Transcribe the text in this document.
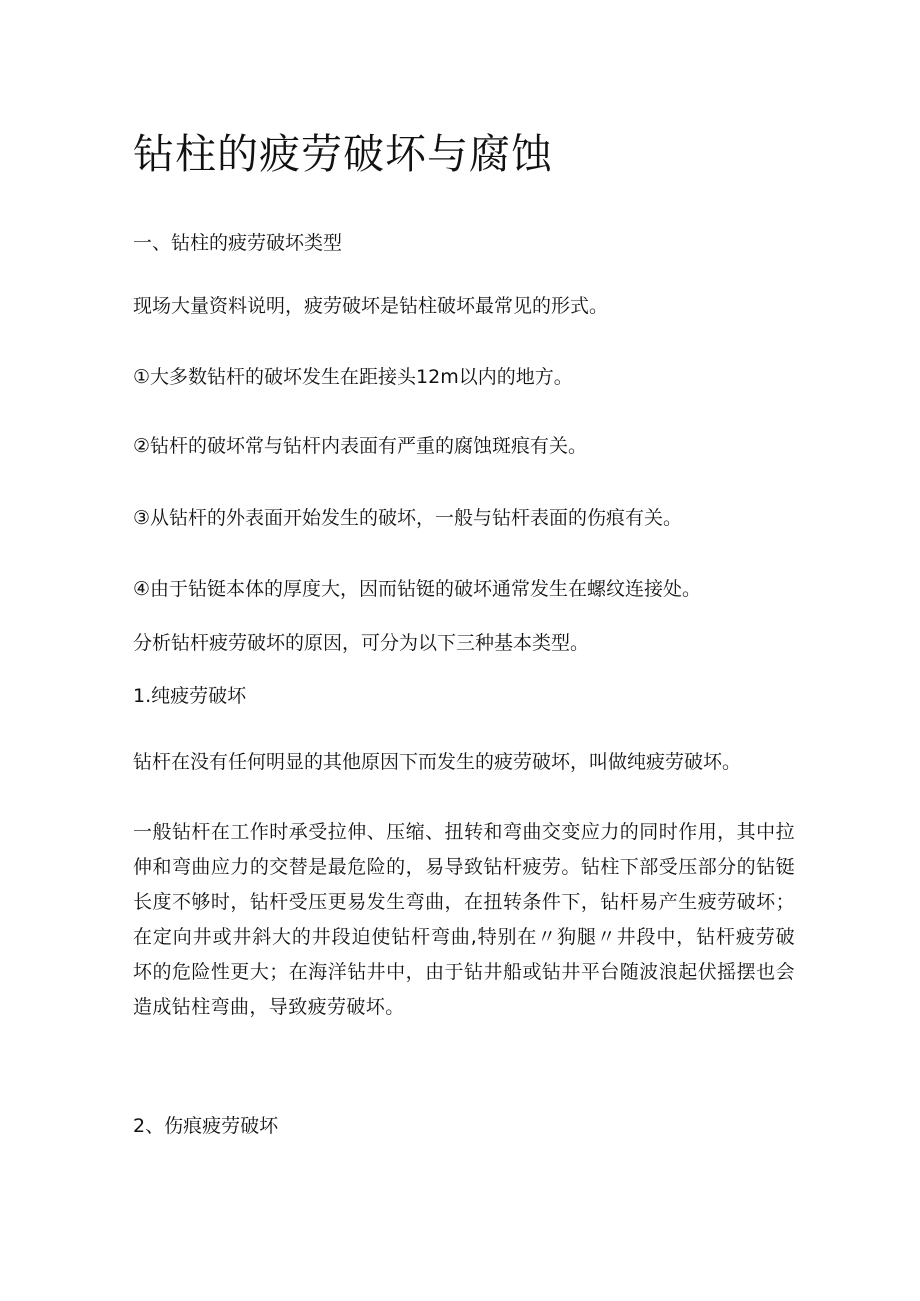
钻柱的疲劳破坏与腐蚀

一、钻柱的疲劳破坏类型

现场大量资料说明，疲劳破坏是钻柱破坏最常见的形式。

①大多数钻杆的破坏发生在距接头12m以内的地方。

②钻杆的破坏常与钻杆内表面有严重的腐蚀斑痕有关。

③从钻杆的外表面开始发生的破坏，一般与钻杆表面的伤痕有关。

④由于钻铤本体的厚度大，因而钻铤的破坏通常发生在螺纹连接处。

分析钻杆疲劳破坏的原因，可分为以下三种基本类型。

1.纯疲劳破坏

钻杆在没有任何明显的其他原因下而发生的疲劳破坏，叫做纯疲劳破坏。

一般钻杆在工作时承受拉伸、压缩、扭转和弯曲交变应力的同时作用，其中拉伸和弯曲应力的交替是最危险的，易导致钻杆疲劳。钻柱下部受压部分的钻铤长度不够时，钻杆受压更易发生弯曲，在扭转条件下，钻杆易产生疲劳破坏；在定向井或井斜大的井段迫使钻杆弯曲,特别在〃狗腿〃井段中，钻杆疲劳破坏的危险性更大；在海洋钻井中，由于钻井船或钻井平台随波浪起伏摇摆也会造成钻柱弯曲，导致疲劳破坏。

2、伤痕疲劳破坏
